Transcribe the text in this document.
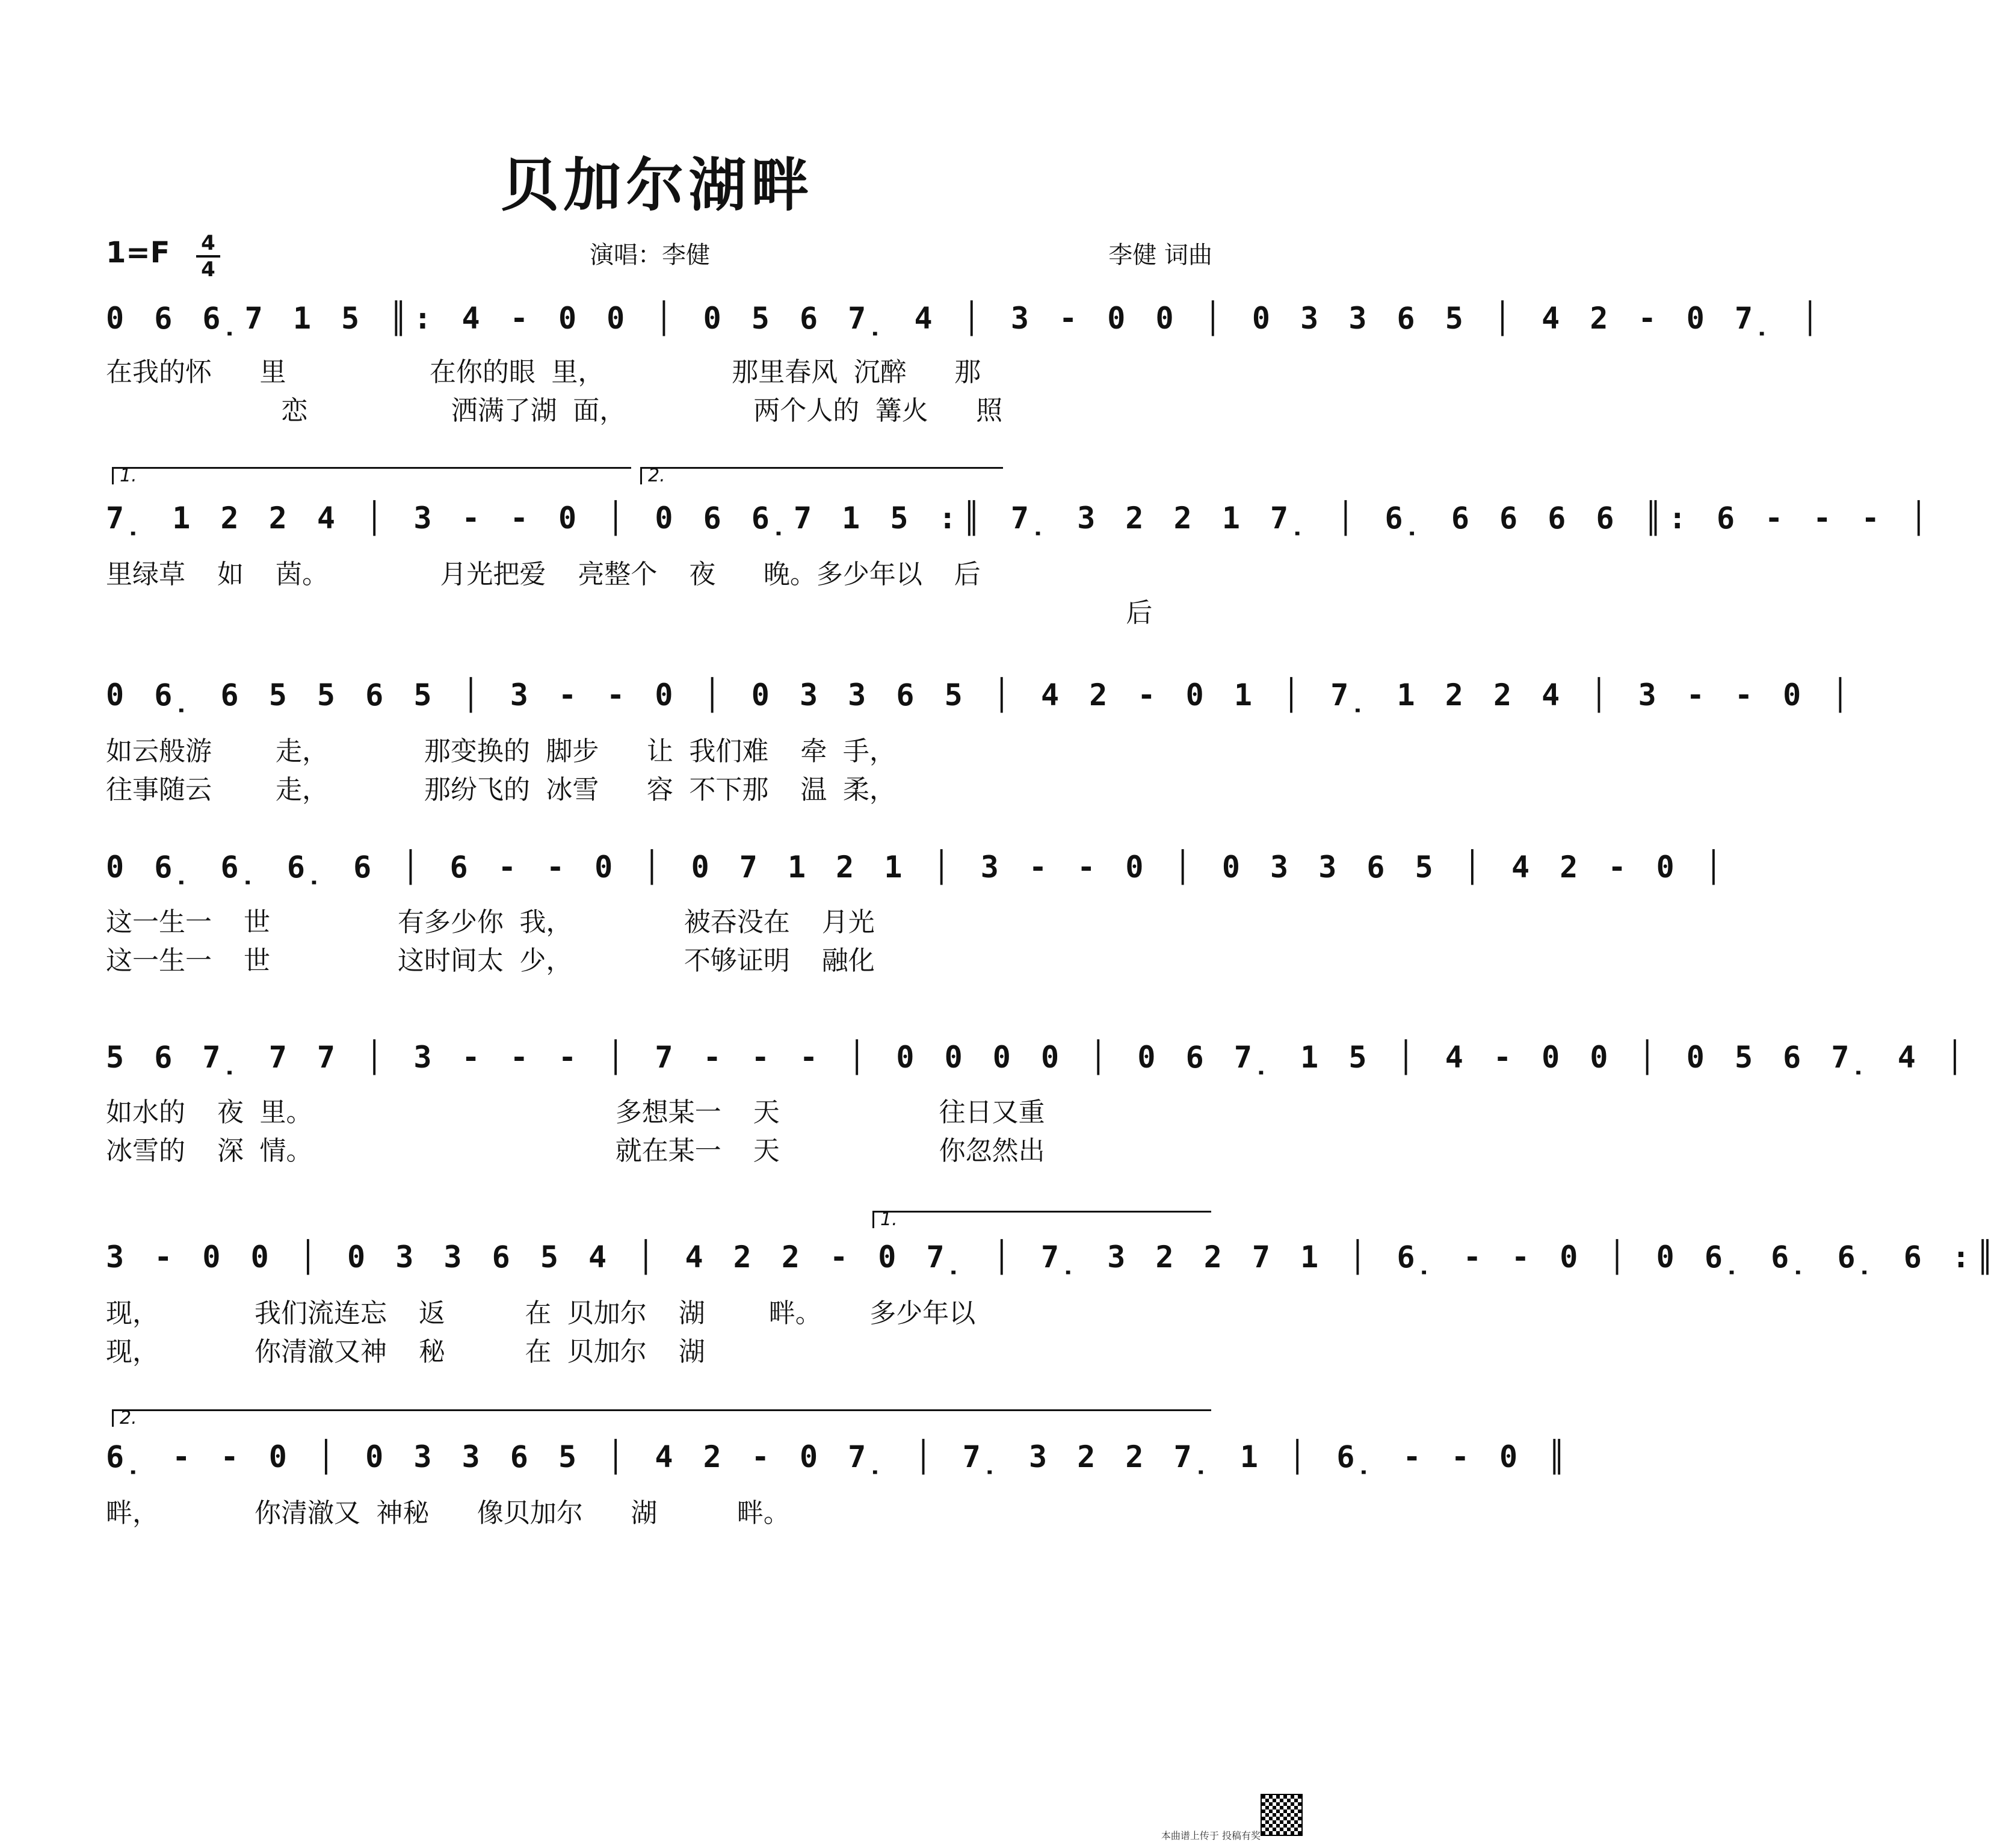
贝加尔湖畔
1=F 4
4
演唱：李健	李健 词曲
0 6 6̣7 1 5 ║: 4 - 0 0 │ 0 5 6 7̣ 4 │ 3 - 0 0 │ 0 3 3 6 5 │ 4 2 - 0 7̣ │
在我的怀   里         在你的眼 里，        那里春风 沉醉   那
恋         洒满了湖 面，        两个人的 篝火   照
1.	2.
7̣ 1 2 2 4 │ 3 - - 0 │ 0 6 6̣7 1 5 :║ 7̣ 3 2 2 1 7̣ │ 6̣ 6 6 6 6 ║: 6 - - - │
里绿草  如  茵。       月光把爱  亮整个  夜   晚。多少年以  后
后
0 6̣ 6 5 5 6 5 │ 3 - - 0 │ 0 3 3 6 5 │ 4 2 - 0 1 │ 7̣ 1 2 2 4 │ 3 - - 0 │
如云般游    走，      那变换的 脚步   让 我们难  牵 手，
往事随云    走，      那纷飞的 冰雪   容 不下那  温 柔，
0 6̣ 6̣ 6̣ 6 │ 6 - - 0 │ 0 7 1 2 1 │ 3 - - 0 │ 0 3 3 6 5 │ 4 2 - 0 │
这一生一  世        有多少你 我，       被吞没在  月光
这一生一  世        这时间太 少，       不够证明  融化
5 6 7̣ 7 7 │ 3 - - - │ 7 - - - │ 0 0 0 0 │ 0 6 7̣ 1 5 │ 4 - 0 0 │ 0 5 6 7̣ 4 │
如水的  夜 里。                   多想某一  天          往日又重
冰雪的  深 情。                   就在某一  天          你忽然出
1.
3 - 0 0 │ 0 3 3 6 5 4 │ 4 2 2 - 0 7̣ │ 7̣ 3 2 2 7 1 │ 6̣ - - 0 │ 0 6̣ 6̣ 6̣ 6 :║
现，      我们流连忘  返     在 贝加尔  湖    畔。   多少年以
现，      你清澈又神  秘     在 贝加尔  湖
2.
6̣ - - 0 │ 0 3 3 6 5 │ 4 2 - 0 7̣ │ 7̣ 3 2 2 7̣ 1 │ 6̣ - - 0 ║
畔，      你清澈又 神秘   像贝加尔   湖     畔。
本曲谱上传于 投稿有奖
